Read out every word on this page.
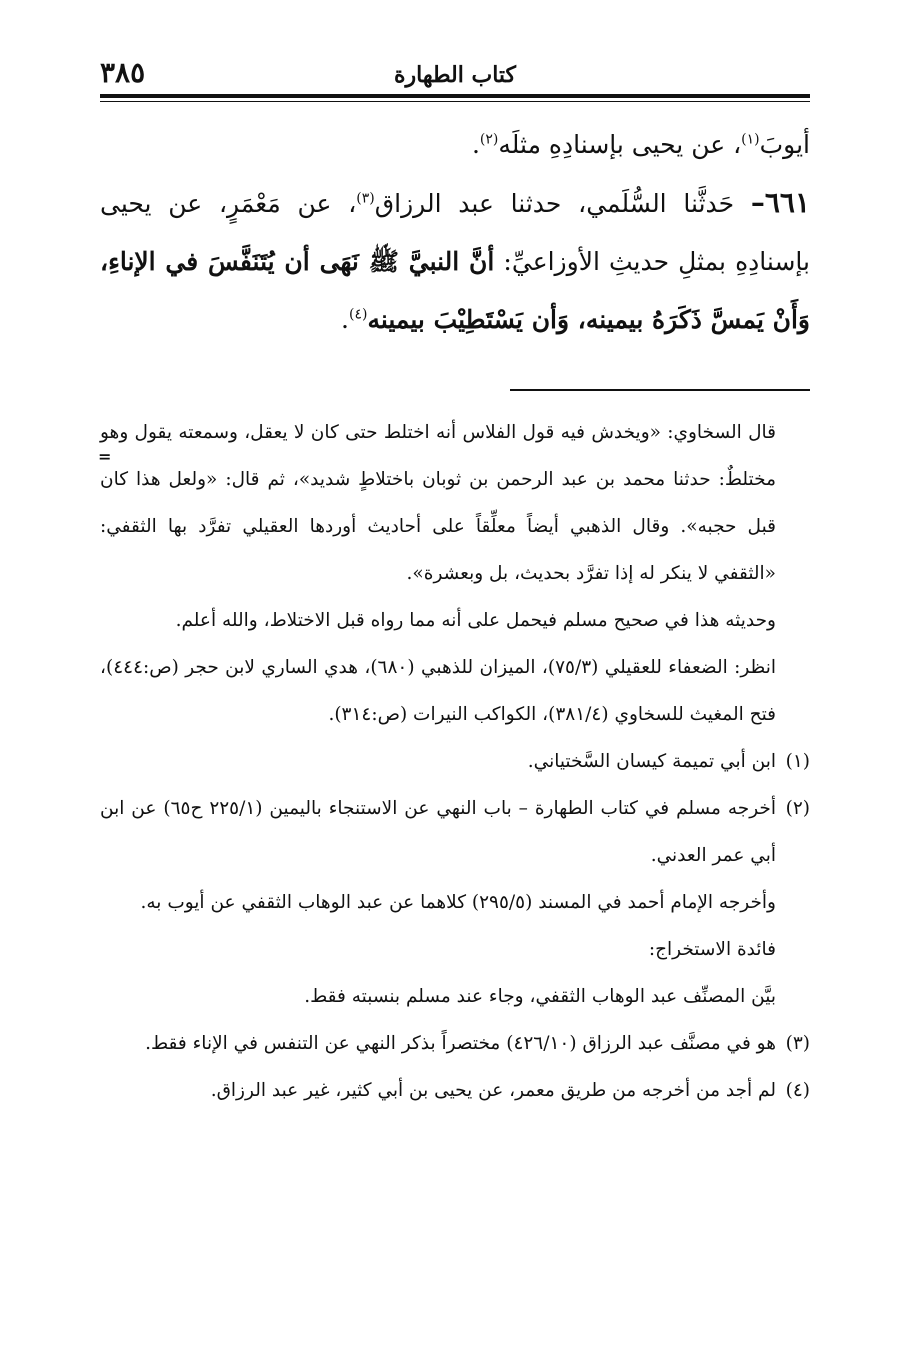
٣٨٥	كتاب الطهارة

أيوبَ$^{(١)}$، عن يحيى بإسنادِهِ مثلَه$^{(٢)}$.

٦٦١– حَدثَّنا السُّلَمي، حدثنا عبد الرزاق$^{(٣)}$، عن مَعْمَرٍ، عن يحيى بإسنادِهِ بمثلِ حديثِ الأوزاعيِّ: أنَّ النبيَّ ﷺ نَهَى أن يُتَنَفَّسَ في الإناءِ، وَأَنْ يَمسَّ ذَكَرَهُ بيمينه، وَأن يَسْتَطِيْبَ بيمينه$^{(٤)}$.

=

قال السخاوي: «ويخدش فيه قول الفلاس أنه اختلط حتى كان لا يعقل، وسمعته يقول وهو مختلطٌ: حدثنا محمد بن عبد الرحمن بن ثوبان باختلاطٍ شديد»، ثم قال: «ولعل هذا كان قبل حجبه». وقال الذهبي أيضاً معلِّقاً على أحاديث أوردها العقيلي تفرَّد بها الثقفي: «الثقفي لا ينكر له إذا تفرَّد بحديث، بل وبعشرة».

وحديثه هذا في صحيح مسلم فيحمل على أنه مما رواه قبل الاختلاط، والله أعلم.

انظر: الضعفاء للعقيلي (٧٥/٣)، الميزان للذهبي (٦٨٠)، هدي الساري لابن حجر (ص:٤٤٤)، فتح المغيث للسخاوي (٣٨١/٤)، الكواكب النيرات (ص:٣١٤).

(١)
ابن أبي تميمة كيسان السَّختياني.

(٢)
أخرجه مسلم في كتاب الطهارة – باب النهي عن الاستنجاء باليمين (٢٢٥/١ ح٦٥) عن ابن أبي عمر العدني.

وأخرجه الإمام أحمد في المسند (٢٩٥/٥) كلاهما عن عبد الوهاب الثقفي عن أيوب به.

فائدة الاستخراج:

بيَّن المصنِّف عبد الوهاب الثقفي، وجاء عند مسلم بنسبته فقط.

(٣)
هو في مصنَّف عبد الرزاق (٤٢٦/١٠) مختصراً بذكر النهي عن التنفس في الإناء فقط.

(٤)
لم أجد من أخرجه من طريق معمر، عن يحيى بن أبي كثير، غير عبد الرزاق.
